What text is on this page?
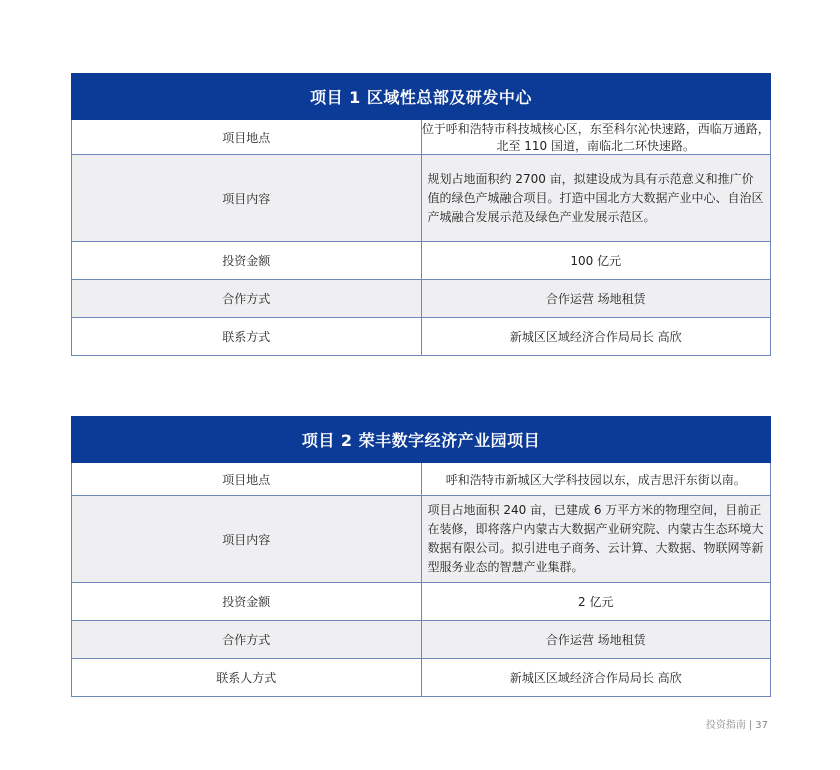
项目 1 区域性总部及研发中心	
项目地点	位于呼和浩特市科技城核心区，东至科尔沁快速路，西临万通路，北至 110 国道，南临北二环快速路。
项目内容	规划占地面积约 2700 亩，拟建设成为具有示范意义和推广价值的绿色产城融合项目。打造中国北方大数据产业中心、自治区产城融合发展示范及绿色产业发展示范区。
投资金额	100 亿元
合作方式	合作运营 场地租赁
联系方式	新城区区域经济合作局局长 高欣
项目 2 荣丰数字经济产业园项目	
项目地点	呼和浩特市新城区大学科技园以东，成吉思汗东街以南。
项目内容	项目占地面积 240 亩，已建成 6 万平方米的物理空间，目前正在装修，即将落户内蒙古大数据产业研究院、内蒙古生态环境大数据有限公司。拟引进电子商务、云计算、大数据、物联网等新型服务业态的智慧产业集群。
投资金额	2 亿元
合作方式	合作运营 场地租赁
联系人方式	新城区区域经济合作局局长 高欣
投资指南 | 37
